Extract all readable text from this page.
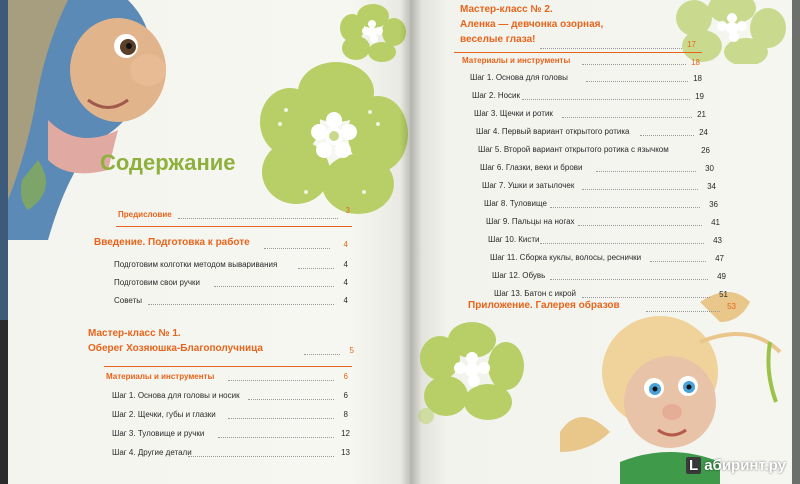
Содержание
Предисловие	3
Введение. Подготовка к работе	4
Подготовим колготки методом вываривания	4
Подготовим свои ручки	4
Советы	4
Мастер-класс № 1.
Оберег Хозяюшка-Благополучница	5
Материалы и инструменты	6
Шаг 1. Основа для головы и носик	6
Шаг 2. Щечки, губы и глазки	8
Шаг 3. Туловище и ручки	12
Шаг 4. Другие детали	13
Мастер-класс № 2.
Аленка — девчонка озорная,
веселые глаза!	17
Материалы и инструменты	18
Шаг 1. Основа для головы	18
Шаг 2. Носик	19
Шаг 3. Щечки и ротик	21
Шаг 4. Первый вариант открытого ротика	24
Шаг 5. Второй вариант открытого ротика с язычком	26
Шаг 6. Глазки, веки и брови	30
Шаг 7. Ушки и затылочек	34
Шаг 8. Туловище	36
Шаг 9. Пальцы на ногах	41
Шаг 10. Кисти	43
Шаг 11. Сборка куклы, волосы, реснички	47
Шаг 12. Обувь	49
Шаг 13. Батон с икрой	51
Приложение. Галерея образов	53
L абиринт.ру
